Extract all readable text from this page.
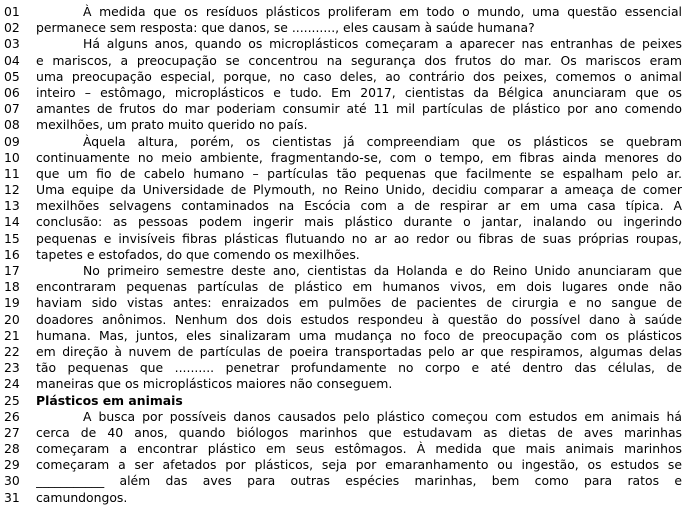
01	À medida que os resíduos plásticos proliferam em todo o mundo, uma questão essencial
02	permanece sem resposta: que danos, se ..........., eles causam à saúde humana?
03	Há alguns anos, quando os microplásticos começaram a aparecer nas entranhas de peixes
04	e mariscos, a preocupação se concentrou na segurança dos frutos do mar. Os mariscos eram
05	uma preocupação especial, porque, no caso deles, ao contrário dos peixes, comemos o animal
06	inteiro – estômago, microplásticos e tudo. Em 2017, cientistas da Bélgica anunciaram que os
07	amantes de frutos do mar poderiam consumir até 11 mil partículas de plástico por ano comendo
08	mexilhões, um prato muito querido no país.
09	Àquela altura, porém, os cientistas já compreendiam que os plásticos se quebram
10	continuamente no meio ambiente, fragmentando-se, com o tempo, em fibras ainda menores do
11	que um fio de cabelo humano – partículas tão pequenas que facilmente se espalham pelo ar.
12	Uma equipe da Universidade de Plymouth, no Reino Unido, decidiu comparar a ameaça de comer
13	mexilhões selvagens contaminados na Escócia com a de respirar ar em uma casa típica. A
14	conclusão: as pessoas podem ingerir mais plástico durante o jantar, inalando ou ingerindo
15	pequenas e invisíveis fibras plásticas flutuando no ar ao redor ou fibras de suas próprias roupas,
16	tapetes e estofados, do que comendo os mexilhões.
17	No primeiro semestre deste ano, cientistas da Holanda e do Reino Unido anunciaram que
18	encontraram pequenas partículas de plástico em humanos vivos, em dois lugares onde não
19	haviam sido vistas antes: enraizados em pulmões de pacientes de cirurgia e no sangue de
20	doadores anônimos. Nenhum dos dois estudos respondeu à questão do possível dano à saúde
21	humana. Mas, juntos, eles sinalizaram uma mudança no foco de preocupação com os plásticos
22	em direção à nuvem de partículas de poeira transportadas pelo ar que respiramos, algumas delas
23	tão pequenas que .......... penetrar profundamente no corpo e até dentro das células, de
24	maneiras que os microplásticos maiores não conseguem.
25	Plásticos em animais
26	A busca por possíveis danos causados pelo plástico começou com estudos em animais há
27	cerca de 40 anos, quando biólogos marinhos que estudavam as dietas de aves marinhas
28	começaram a encontrar plástico em seus estômagos. À medida que mais animais marinhos
29	começaram a ser afetados por plásticos, seja por emaranhamento ou ingestão, os estudos se
30	___________ além das aves para outras espécies marinhas, bem como para ratos e
31	camundongos.
